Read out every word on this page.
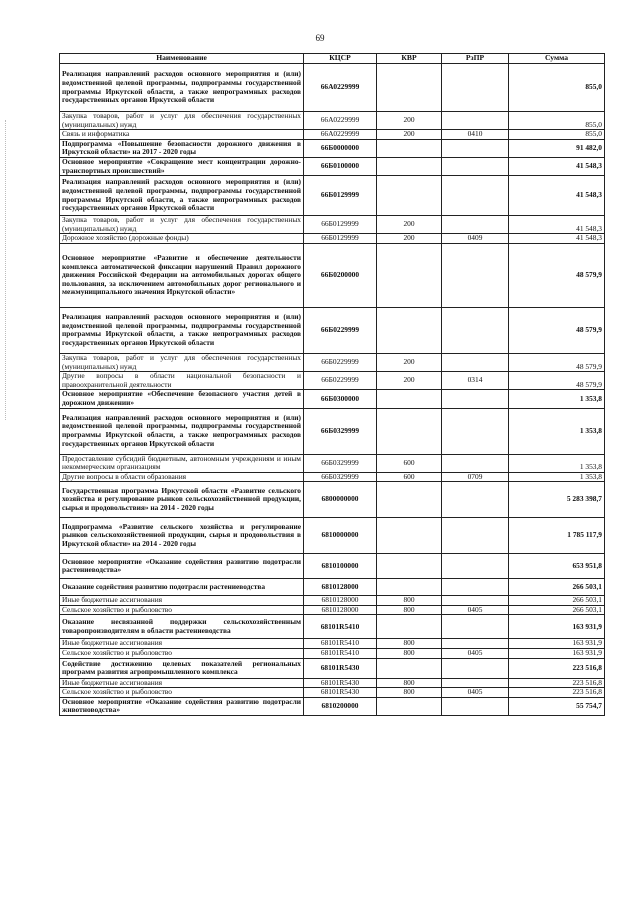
69
Наименование	КЦСР	КВР	РзПР	Сумма

Реализация направлений расходов основного мероприятия и (или) ведомственной целевой программы, подпрограммы государственной программы Иркутской области, а также непрограммных расходов государственных органов Иркутской области	66А0229999			855,0

Закупка товаров, работ и услуг для обеспечения государственных (муниципальных) нужд	66А0229999	200		855,0

Связь и информатика	66А0229999	200	0410	855,0

Подпрограмма «Повышение безопасности дорожного движения в Иркутской области» на 2017 - 2020 годы	66Б0000000			91 482,0

Основное мероприятие «Сокращение мест концентрации дорожно-транспортных происшествий»	66Б0100000			41 548,3

Реализация направлений расходов основного мероприятия и (или) ведомственной целевой программы, подпрограммы государственной программы Иркутской области, а также непрограммных расходов государственных органов Иркутской области	66Б0129999			41 548,3

Закупка товаров, работ и услуг для обеспечения государственных (муниципальных) нужд	66Б0129999	200		41 548,3

Дорожное хозяйство (дорожные фонды)	66Б0129999	200	0409	41 548,3

Основное мероприятие «Развитие и обеспечение деятельности комплекса автоматической фиксации нарушений Правил дорожного движения Российской Федерации на автомобильных дорогах общего пользования, за исключением автомобильных дорог регионального и межмуниципального значения Иркутской области»	66Б0200000			48 579,9

Реализация направлений расходов основного мероприятия и (или) ведомственной целевой программы, подпрограммы государственной программы Иркутской области, а также непрограммных расходов государственных органов Иркутской области	66Б0229999			48 579,9

Закупка товаров, работ и услуг для обеспечения государственных (муниципальных) нужд	66Б0229999	200		48 579,9

Другие вопросы в области национальной безопасности и правоохранительной деятельности	66Б0229999	200	0314	48 579,9

Основное мероприятие «Обеспечение безопасного участия детей в дорожном движении»	66Б0300000			1 353,8

Реализация направлений расходов основного мероприятия и (или) ведомственной целевой программы, подпрограммы государственной программы Иркутской области, а также непрограммных расходов государственных органов Иркутской области	66Б0329999			1 353,8

Предоставление субсидий бюджетным, автономным учреждениям и иным некоммерческим организациям	66Б0329999	600		1 353,8

Другие вопросы в области образования	66Б0329999	600	0709	1 353,8

Государственная программа Иркутской области «Развитие сельского хозяйства и регулирование рынков сельскохозяйственной продукции, сырья и продовольствия» на 2014 - 2020 годы	6800000000			5 283 398,7

Подпрограмма «Развитие сельского хозяйства и регулирование рынков сельскохозяйственной продукции, сырья и продовольствия в Иркутской области» на 2014 - 2020 годы	6810000000			1 785 117,9

Основное мероприятие «Оказание содействия развитию подотрасли растениеводства»	6810100000			653 951,8

Оказание содействия развитию подотрасли растениеводства	6810128000			266 503,1

Иные бюджетные ассигнования	6810128000	800		266 503,1

Сельское хозяйство и рыболовство	6810128000	800	0405	266 503,1

Оказание несвязанной поддержки сельскохозяйственным товаропроизводителям в области растениеводства	68101R5410			163 931,9

Иные бюджетные ассигнования	68101R5410	800		163 931,9

Сельское хозяйство и рыболовство	68101R5410	800	0405	163 931,9

Содействие достижению целевых показателей региональных программ развития агропромышленного комплекса	68101R5430			223 516,8

Иные бюджетные ассигнования	68101R5430	800		223 516,8

Сельское хозяйство и рыболовство	68101R5430	800	0405	223 516,8

Основное мероприятие «Оказание содействия развитию подотрасли животноводства»	6810200000			55 754,7
